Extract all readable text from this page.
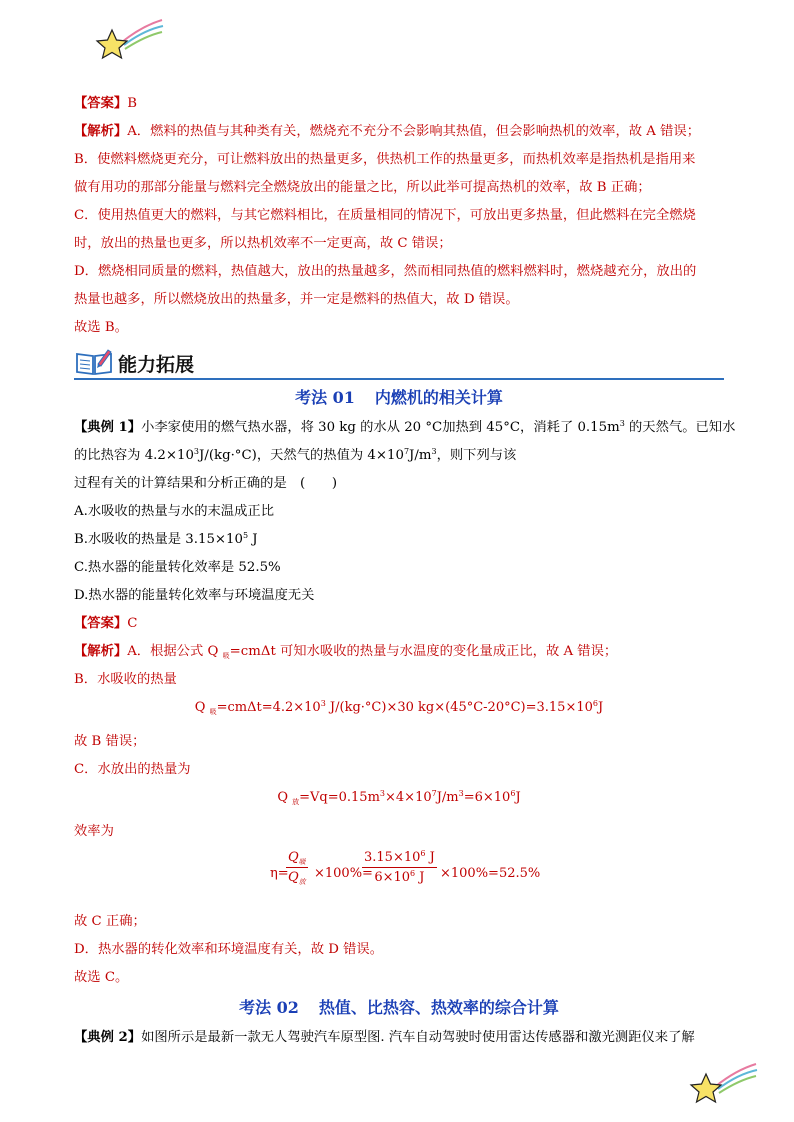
【答案】B
【解析】A．燃料的热值与其种类有关，燃烧充不充分不会影响其热值，但会影响热机的效率，故 A 错误；
B．使燃料燃烧更充分，可让燃料放出的热量更多，供热机工作的热量更多，而热机效率是指热机是指用来
做有用功的那部分能量与燃料完全燃烧放出的能量之比，所以此举可提高热机的效率，故 B 正确；
C．使用热值更大的燃料，与其它燃料相比，在质量相同的情况下，可放出更多热量，但此燃料在完全燃烧
时，放出的热量也更多，所以热机效率不一定更高，故 C 错误；
D．燃烧相同质量的燃料，热值越大，放出的热量越多，然而相同热值的燃料燃料时，燃烧越充分，放出的
热量也越多，所以燃烧放出的热量多，并一定是燃料的热值大，故 D 错误。
故选 B。
能力拓展
考法 01 内燃机的相关计算
【典例 1】小李家使用的燃气热水器，将 30 kg 的水从 20 °C加热到 45°C，消耗了 $0.15m^3$ 的天然气。已知水
的比热容为 $4.2\times 10^3J/(kg\cdot^\circ C)$，天然气的热值为 $4\times 10^7J/m^3$，则下列与该
过程有关的计算结果和分析正确的是　(　　)
A.水吸收的热量与水的末温成正比
B.水吸收的热量是 $3.15\times 10^5$ J
C.热水器的能量转化效率是 52.5%
D.热水器的能量转化效率与环境温度无关
【答案】C
【解析】A．根据公式 Q $_吸$=cmΔt 可知水吸收的热量与水温度的变化量成正比，故 A 错误；
B．水吸收的热量
Q $_吸=cm\Delta t=4.2\times 10^3$ J/(kg·°C)×30 $kg\times(45^\circ C-20^\circ C)=3.15\times 10^6J$
故 B 错误；
C．水放出的热量为
Q $_放=Vq=0.15m^3\times 4\times 10^7J/m^3=6\times 10^6J$
效率为
η=
$Q_吸$
$Q_放$
×100%=
$\frac{3.15\times 10^6 J}{6\times 10^6 J} \times 100\%=52.5\%$
故 C 正确；
D．热水器的转化效率和环境温度有关，故 D 错误。
故选 C。
考法 02 热值、比热容、热效率的综合计算
【典例 2】如图所示是最新一款无人驾驶汽车原型图. 汽车自动驾驶时使用雷达传感器和激光测距仪来了解
